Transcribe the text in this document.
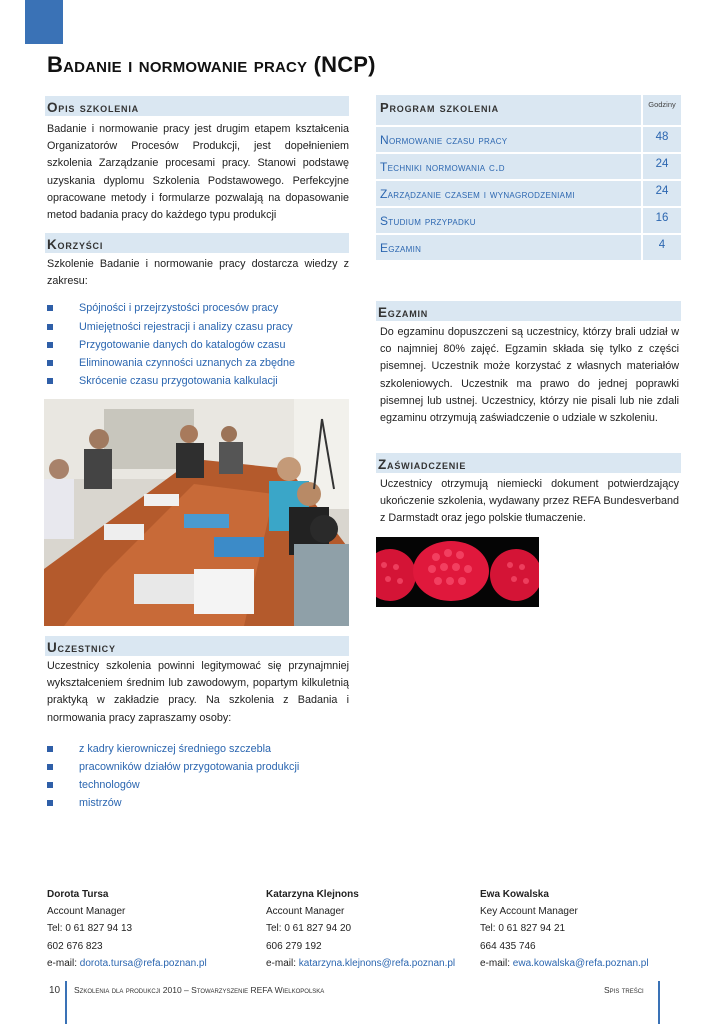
Badanie i normowanie pracy (NCP)
Opis szkolenia

Badanie i normowanie pracy jest drugim etapem kształcenia Organizatorów Procesów Produkcji, jest dopełnieniem szkolenia Zarządzanie procesami pracy. Stanowi podstawę uzyskania dyplomu Szkolenia Podstawowego. Perfekcyjne opracowane metody i formularze pozwalają na dopasowanie metod badania pracy do każdego typu produkcji

Korzyści

Szkolenie Badanie i normowanie pracy dostarcza wiedzy z zakresu:

Spójności i przejrzystości procesów pracy
Umiejętności rejestracji i analizy czasu pracy
Przygotowanie danych do katalogów czasu
Eliminowania czynności uznanych za zbędne
Skrócenie czasu przygotowania kalkulacji
Uczestnicy

Uczestnicy szkolenia powinni legitymować się przynajmniej wykształceniem średnim lub zawodowym, popartym kilkuletnią praktyką w zakładzie pracy. Na szkolenia z Badania i normowania pracy zapraszamy osoby:

z kadry kierowniczej średniego szczebla
pracowników działów przygotowania produkcji
technologów
mistrzów
Program szkolenia	Godziny
Normowanie czasu pracy	48
Techniki normowania c.d	24
Zarządzanie czasem i wynagrodzeniami	24
Studium przypadku	16
Egzamin	4
Egzamin

Do egzaminu dopuszczeni są uczestnicy, którzy brali udział w co najmniej 80% zajęć. Egzamin składa się tylko z części pisemnej. Uczestnik może korzystać z własnych materiałów szkoleniowych. Uczestnik ma prawo do jednej poprawki pisemnej lub ustnej. Uczestnicy, którzy nie pisali lub nie zdali egzaminu otrzymują zaświadczenie o udziale w szkoleniu.

Zaświadczenie

Uczestnicy otrzymują niemiecki dokument potwierdzający ukończenie szkolenia, wydawany przez REFA Bundesverband z Darmstadt oraz jego polskie tłumaczenie.

Dorota Tursa
Account Manager
Tel: 0 61 827 94 13
602 676 823
e-mail: dorota.tursa@refa.poznan.pl
Katarzyna Klejnons
Account Manager
Tel: 0 61 827 94 20
606 279 192
e-mail: katarzyna.klejnons@refa.poznan.pl
Ewa Kowalska
Key Account Manager
Tel: 0 61 827 94 21
664 435 746
e-mail: ewa.kowalska@refa.poznan.pl
10 Szkolenia dla produkcji 2010 – Stowarzyszenie REFA Wielkopolska	Spis treści
